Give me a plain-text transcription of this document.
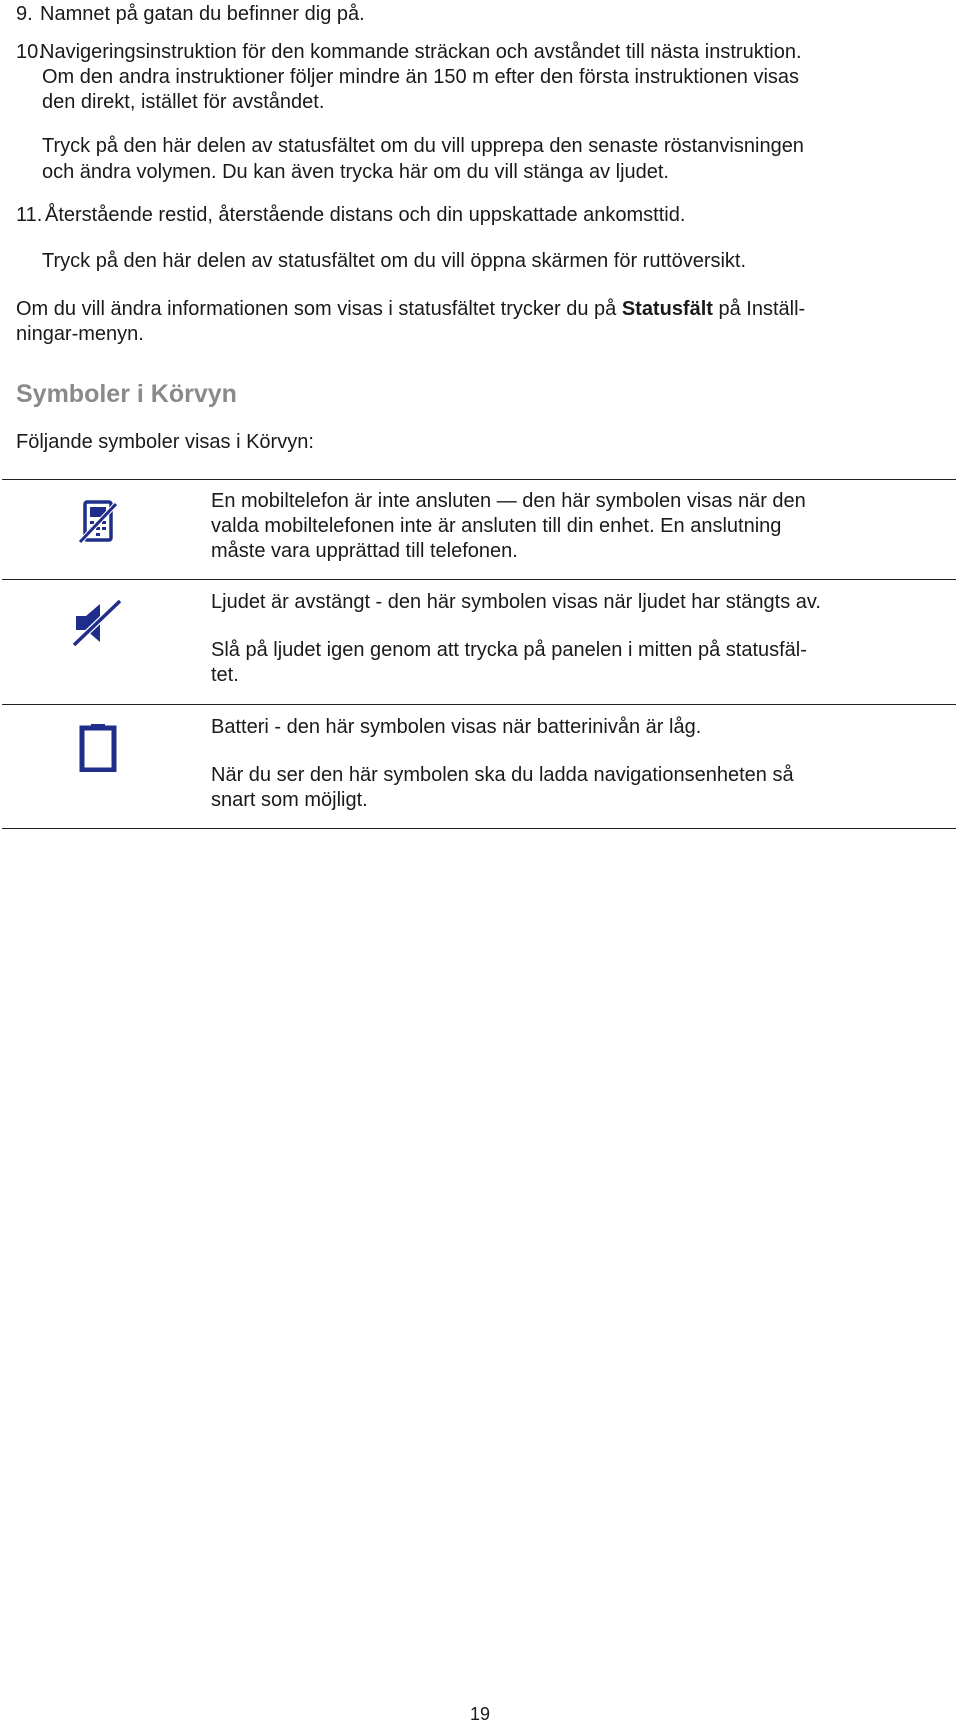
9. Namnet på gatan du befinner dig på.
10.Navigeringsinstruktion för den kommande sträckan och avståndet till nästa instruktion.
Om den andra instruktioner följer mindre än 150 m efter den första instruktionen visas
den direkt, istället för avståndet.
Tryck på den här delen av statusfältet om du vill upprepa den senaste röstanvisningen
och ändra volymen. Du kan även trycka här om du vill stänga av ljudet.
11. Återstående restid, återstående distans och din uppskattade ankomsttid.
Tryck på den här delen av statusfältet om du vill öppna skärmen för ruttöversikt.
Om du vill ändra informationen som visas i statusfältet trycker du på Statusfält på Inställ-
ningar-menyn.
Symboler i Körvyn
Följande symboler visas i Körvyn:
En mobiltelefon är inte ansluten — den här symbolen visas när den
valda mobiltelefonen inte är ansluten till din enhet. En anslutning
måste vara upprättad till telefonen.
Ljudet är avstängt - den här symbolen visas när ljudet har stängts av.
Slå på ljudet igen genom att trycka på panelen i mitten på statusfäl-
tet.
Batteri - den här symbolen visas när batterinivån är låg.
När du ser den här symbolen ska du ladda navigationsenheten så
snart som möjligt.
19
